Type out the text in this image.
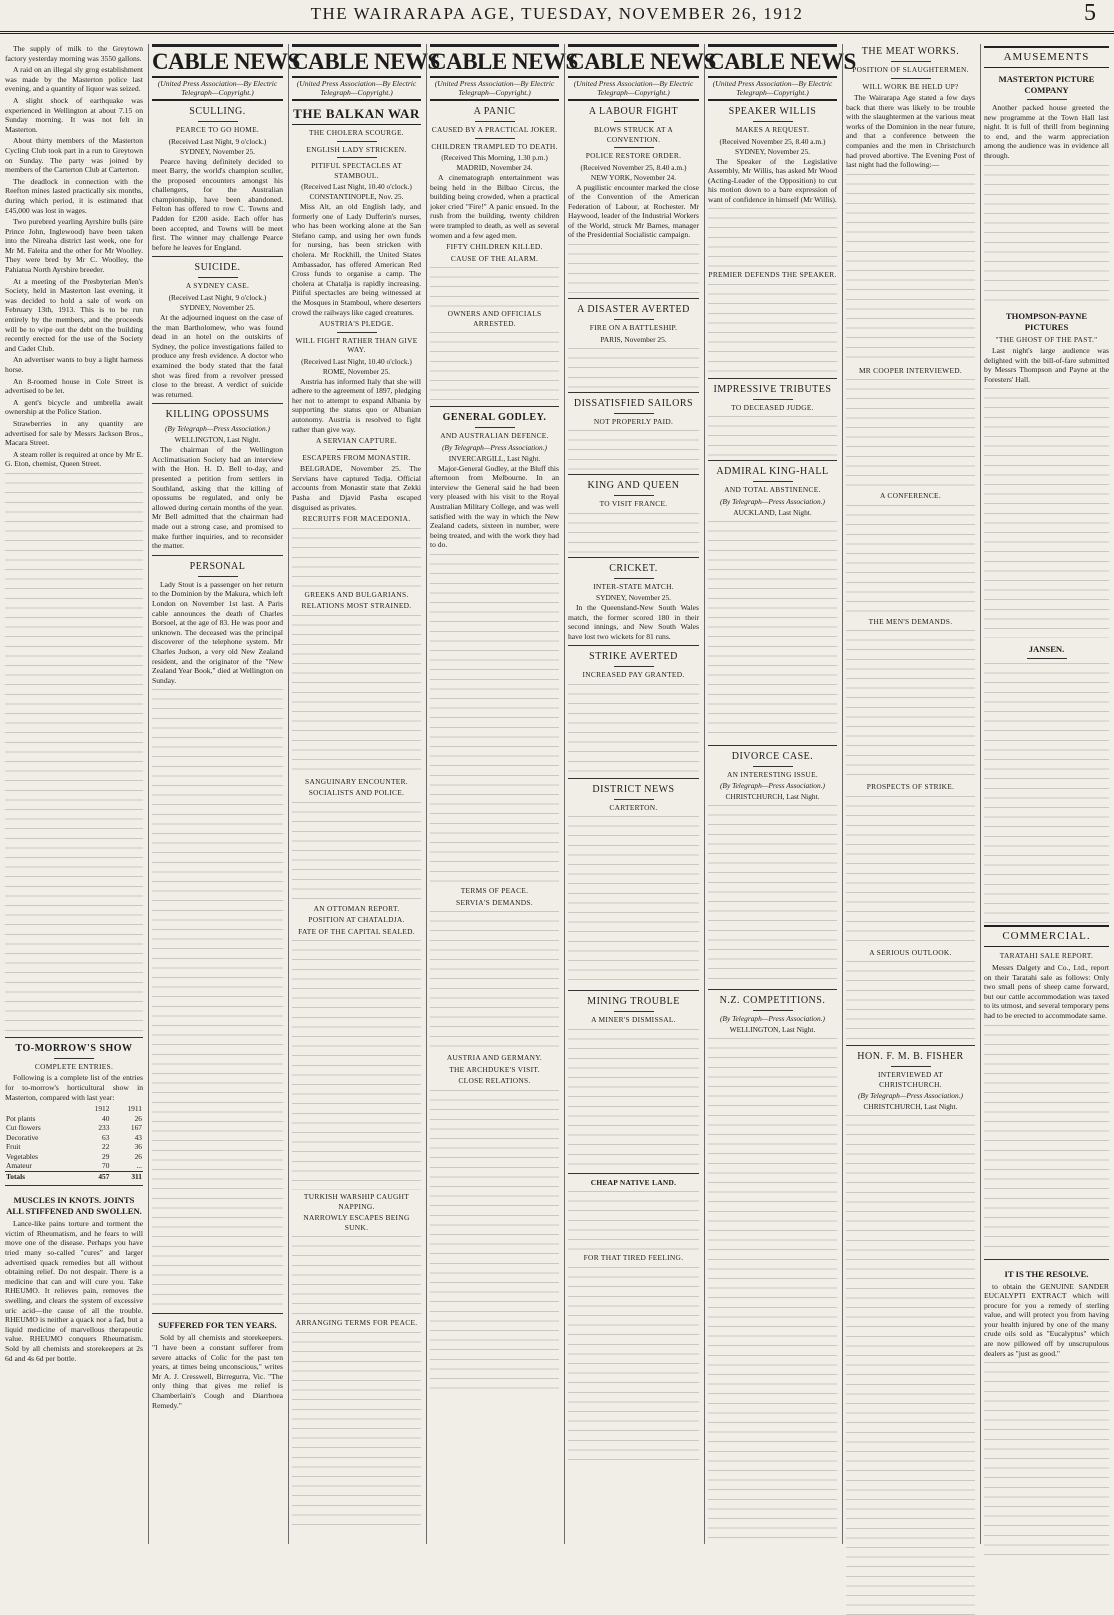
THE WAIRARAPA AGE, TUESDAY, NOVEMBER 26, 1912	5

The supply of milk to the Greytown factory yesterday morning was 3550 gallons.

A raid on an illegal sly grog establishment was made by the Masterton police last evening, and a quantity of liquor was seized.

A slight shock of earthquake was experienced in Wellington at about 7.15 on Sunday morning. It was not felt in Masterton.

About thirty members of the Masterton Cycling Club took part in a run to Greytown on Sunday. The party was joined by members of the Carterton Club at Carterton.

The deadlock in connection with the Reefton mines lasted practically six months, during which period, it is estimated that £45,000 was lost in wages.

Two purebred yearling Ayrshire bulls (sire Prince John, Inglewood) have been taken into the Nireaha district last week, one for Mr M. Faleita and the other for Mr Woolley. They were bred by Mr C. Woolley, the Pahiatua North Ayrshire breeder.

At a meeting of the Presbyterian Men's Society, held in Masterton last evening, it was decided to hold a sale of work on February 13th, 1913. This is to be run entirely by the members, and the proceeds will be to wipe out the debt on the building recently erected for the use of the Society and Cadet Club.

An advertiser wants to buy a light harness horse.

An 8-roomed house in Cole Street is advertised to be let.

A gent's bicycle and umbrella await ownership at the Police Station.

Strawberries in any quantity are advertised for sale by Messrs Jackson Bros., Macara Street.

A steam roller is required at once by Mr E. G. Eton, chemist, Queen Street.

TO-MORROW'S SHOW
COMPLETE ENTRIES.

Following is a complete list of the entries for to-morrow's horticultural show in Masterton, compared with last year:

	1912	1911
Pot plants	40	26
Cut flowers	233	167
Decorative	63	43
Fruit	22	36
Vegetables	29	26
Amateur	70	...
Totals	457	311
MUSCLES IN KNOTS. JOINTS ALL STIFFENED AND SWOLLEN.

Lance-like pains torture and torment the victim of Rheumatism, and he fears to will move one of the disease. Perhaps you have tried many so-called "cures" and larger advertised quack remedies but all without obtaining relief. Do not despair. There is a medicine that can and will cure you. Take RHEUMO. It relieves pain, removes the swelling, and clears the system of excessive uric acid—the cause of all the trouble. RHEUMO is neither a quack nor a fad, but a liquid medicine of marvellous therapeutic value. RHEUMO conquers Rheumatism. Sold by all chemists and storekeepers at 2s 6d and 4s 6d per bottle.

CABLE NEWS
(United Press Association—By Electric Telegraph—Copyright.)
SCULLING.
PEARCE TO GO HOME.
(Received Last Night, 9 o'clock.)
SYDNEY, November 25.

Pearce having definitely decided to meet Barry, the world's champion sculler, the proposed encounters amongst his challengers, for the Australian championship, have been abandoned. Felton has offered to row C. Towns and Padden for £200 aside. Each offer has been accepted, and Towns will be meet first. The winner may challenge Pearce before he leaves for England.

SUICIDE.
A SYDNEY CASE.
(Received Last Night, 9 o'clock.)
SYDNEY, November 25.

At the adjourned inquest on the case of the man Bartholomew, who was found dead in an hotel on the outskirts of Sydney, the police investigations failed to produce any fresh evidence. A doctor who examined the body stated that the fatal shot was fired from a revolver pressed close to the breast. A verdict of suicide was returned.

KILLING OPOSSUMS
(By Telegraph—Press Association.)
WELLINGTON, Last Night.

The chairman of the Wellington Acclimatisation Society had an interview with the Hon. H. D. Bell to-day, and presented a petition from settlers in Southland, asking that the killing of opossums be regulated, and only be allowed during certain months of the year. Mr Bell admitted that the chairman had made out a strong case, and promised to make further inquiries, and to reconsider the matter.

PERSONAL

Lady Stout is a passenger on her return to the Dominion by the Makura, which left London on November 1st last. A Paris cable announces the death of Charles Borsoel, at the age of 83. He was poor and unknown. The deceased was the principal discoverer of the telephone system. Mr Charles Judson, a very old New Zealand resident, and the originator of the "New Zealand Year Book," died at Wellington on Sunday.

SUFFERED FOR TEN YEARS.

Sold by all chemists and storekeepers. "I have been a constant sufferer from severe attacks of Colic for the past ten years, at times being unconscious," writes Mr A. J. Cresswell, Birregurra, Vic. "The only thing that gives me relief is Chamberlain's Cough and Diarrhoea Remedy."

CABLE NEWS
(United Press Association—By Electric Telegraph—Copyright.)
THE BALKAN WAR
THE CHOLERA SCOURGE.
ENGLISH LADY STRICKEN.
PITIFUL SPECTACLES AT STAMBOUL.
(Received Last Night, 10.40 o'clock.)
CONSTANTINOPLE, Nov. 25.

Miss Alt, an old English lady, and formerly one of Lady Dufferin's nurses, who has been working alone at the San Stefano camp, and using her own funds for nursing, has been stricken with cholera. Mr Rockhill, the United States Ambassador, has offered American Red Cross funds to organise a camp. The cholera at Chatalja is rapidly increasing. Pitiful spectacles are being witnessed at the Mosques in Stamboul, where deserters crowd the railways like caged creatures.

AUSTRIA'S PLEDGE.
WILL FIGHT RATHER THAN GIVE WAY.
(Received Last Night, 10.40 o'clock.)
ROME, November 25.

Austria has informed Italy that she will adhere to the agreement of 1897, pledging her not to attempt to expand Albania by supporting the status quo or Albanian autonomy. Austria is resolved to fight rather than give way.

A SERVIAN CAPTURE.
ESCAPERS FROM MONASTIR.

BELGRADE, November 25. The Servians have captured Tedja. Official accounts from Monastir state that Zekki Pasha and Djavid Pasha escaped disguised as privates.

RECRUITS FOR MACEDONIA.
GREEKS AND BULGARIANS.
RELATIONS MOST STRAINED.
SANGUINARY ENCOUNTER.
SOCIALISTS AND POLICE.
AN OTTOMAN REPORT.
POSITION AT CHATALDJA.
FATE OF THE CAPITAL SEALED.
TURKISH WARSHIP CAUGHT NAPPING.
NARROWLY ESCAPES BEING SUNK.
ARRANGING TERMS FOR PEACE.
CABLE NEWS
(United Press Association—By Electric Telegraph—Copyright.)
A PANIC
CAUSED BY A PRACTICAL JOKER.
CHILDREN TRAMPLED TO DEATH.
(Received This Morning, 1.30 p.m.)
MADRID, November 24.

A cinematograph entertainment was being held in the Bilbao Circus, the building being crowded, when a practical joker cried "Fire!" A panic ensued. In the rush from the building, twenty children were trampled to death, as well as several women and a few aged men.

FIFTY CHILDREN KILLED.
CAUSE OF THE ALARM.
OWNERS AND OFFICIALS ARRESTED.
GENERAL GODLEY.
AND AUSTRALIAN DEFENCE.
(By Telegraph—Press Association.)
INVERCARGILL, Last Night.

Major-General Godley, at the Bluff this afternoon from Melbourne. In an interview the General said he had been very pleased with his visit to the Royal Australian Military College, and was well satisfied with the way in which the New Zealand cadets, sixteen in number, were being treated, and with the work they had to do.

TERMS OF PEACE.
SERVIA'S DEMANDS.
AUSTRIA AND GERMANY.
THE ARCHDUKE'S VISIT.
CLOSE RELATIONS.
CABLE NEWS
(United Press Association—By Electric Telegraph—Copyright.)
A LABOUR FIGHT
BLOWS STRUCK AT A CONVENTION.
POLICE RESTORE ORDER.
(Received November 25, 8.40 a.m.)
NEW YORK, November 24.

A pugilistic encounter marked the close of the Convention of the American Federation of Labour, at Rochester. Mr Haywood, leader of the Industrial Workers of the World, struck Mr Barnes, manager of the Presidential Socialistic campaign.

A DISASTER AVERTED
FIRE ON A BATTLESHIP.
PARIS, November 25.
DISSATISFIED SAILORS
NOT PROPERLY PAID.
KING AND QUEEN
TO VISIT FRANCE.
CRICKET.
INTER-STATE MATCH.
SYDNEY, November 25.

In the Queensland-New South Wales match, the former scored 180 in their second innings, and New South Wales have lost two wickets for 81 runs.

STRIKE AVERTED
INCREASED PAY GRANTED.
DISTRICT NEWS
CARTERTON.
MINING TROUBLE
A MINER'S DISMISSAL.
CHEAP NATIVE LAND.
FOR THAT TIRED FEELING.
CABLE NEWS
(United Press Association—By Electric Telegraph—Copyright.)
SPEAKER WILLIS
MAKES A REQUEST.
(Received November 25, 8.40 a.m.)
SYDNEY, November 25.

The Speaker of the Legislative Assembly, Mr Willis, has asked Mr Wood (Acting-Leader of the Opposition) to cut his motion down to a bare expression of want of confidence in himself (Mr Willis).

PREMIER DEFENDS THE SPEAKER.
IMPRESSIVE TRIBUTES
TO DECEASED JUDGE.
ADMIRAL KING-HALL
AND TOTAL ABSTINENCE.
(By Telegraph—Press Association.)
AUCKLAND, Last Night.
DIVORCE CASE.
AN INTERESTING ISSUE.
(By Telegraph—Press Association.)
CHRISTCHURCH, Last Night.
N.Z. COMPETITIONS.
(By Telegraph—Press Association.)
WELLINGTON, Last Night.
THE MEAT WORKS.
POSITION OF SLAUGHTERMEN.
WILL WORK BE HELD UP?

The Wairarapa Age stated a few days back that there was likely to be trouble with the slaughtermen at the various meat works of the Dominion in the near future, and that a conference between the companies and the men in Christchurch had proved abortive. The Evening Post of last night had the following:—

MR COOPER INTERVIEWED.
A CONFERENCE.
THE MEN'S DEMANDS.
PROSPECTS OF STRIKE.
A SERIOUS OUTLOOK.
HON. F. M. B. FISHER
INTERVIEWED AT CHRISTCHURCH.
(By Telegraph—Press Association.)
CHRISTCHURCH, Last Night.
AMUSEMENTS
MASTERTON PICTURE COMPANY

Another packed house greeted the new programme at the Town Hall last night. It is full of thrill from beginning to end, and the warm appreciation among the audience was in evidence all through.

THOMPSON-PAYNE PICTURES
"THE GHOST OF THE PAST."

Last night's large audience was delighted with the bill-of-fare submitted by Messrs Thompson and Payne at the Foresters' Hall.

JANSEN.
COMMERCIAL.
TARATAHI SALE REPORT.

Messrs Dalgety and Co., Ltd., report on their Taratahi sale as follows: Only two small pens of sheep came forward, but our cattle accommodation was taxed to its utmost, and several temporary pens had to be erected to accommodate same.

IT IS THE RESOLVE.

to obtain the GENUINE SANDER EUCALYPTI EXTRACT which will procure for you a remedy of sterling value, and will protect you from having your health injured by one of the many crude oils sold as "Eucalyptus" which are now pillowed off by unscrupulous dealers as "just as good."
